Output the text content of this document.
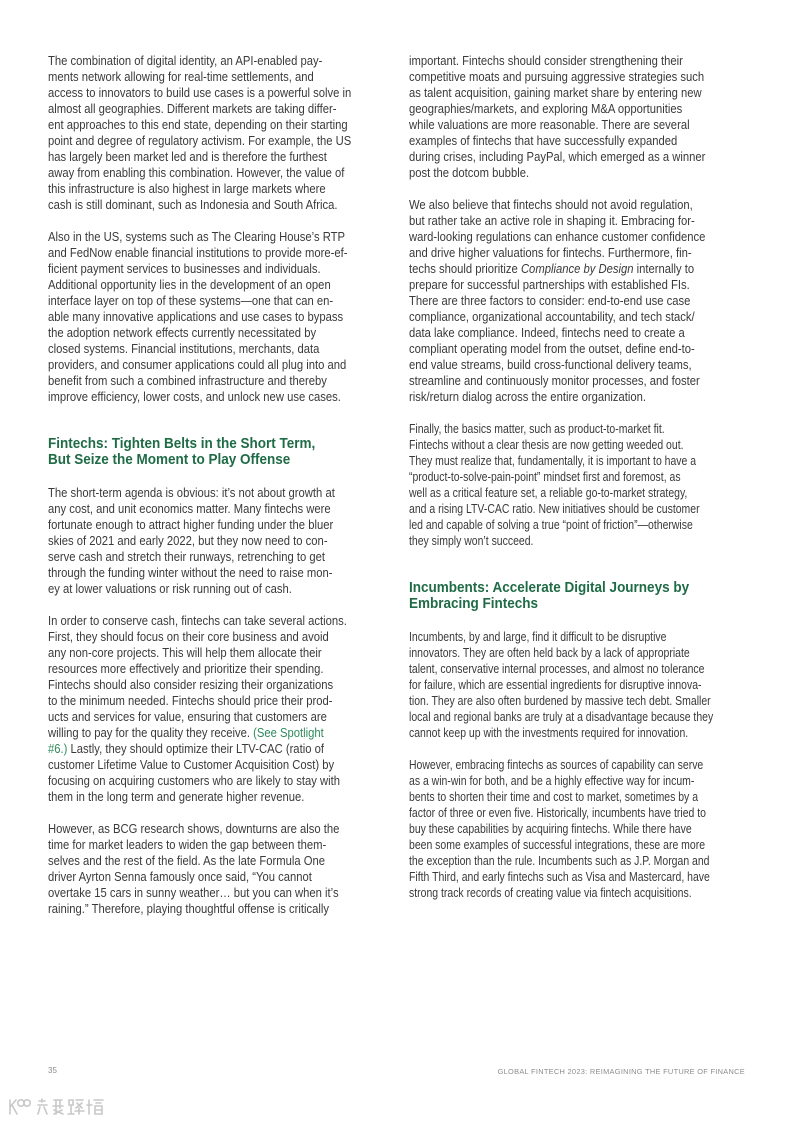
The combination of digital identity, an API-enabled pay-
ments network allowing for real-time settlements, and
access to innovators to build use cases is a powerful solve in
almost all geographies. Different markets are taking differ-
ent approaches to this end state, depending on their starting
point and degree of regulatory activism. For example, the US
has largely been market led and is therefore the furthest
away from enabling this combination. However, the value of
this infrastructure is also highest in large markets where
cash is still dominant, such as Indonesia and South Africa.

Also in the US, systems such as The Clearing House’s RTP
and FedNow enable financial institutions to provide more-ef-
ficient payment services to businesses and individuals.
Additional opportunity lies in the development of an open
interface layer on top of these systems—one that can en-
able many innovative applications and use cases to bypass
the adoption network effects currently necessitated by
closed systems. Financial institutions, merchants, data
providers, and consumer applications could all plug into and
benefit from such a combined infrastructure and thereby
improve efficiency, lower costs, and unlock new use cases.

Fintechs: Tighten Belts in the Short Term,
But Seize the Moment to Play Offense

The short-term agenda is obvious: it’s not about growth at
any cost, and unit economics matter. Many fintechs were
fortunate enough to attract higher funding under the bluer
skies of 2021 and early 2022, but they now need to con-
serve cash and stretch their runways, retrenching to get
through the funding winter without the need to raise mon-
ey at lower valuations or risk running out of cash.

In order to conserve cash, fintechs can take several actions.
First, they should focus on their core business and avoid
any non-core projects. This will help them allocate their
resources more effectively and prioritize their spending.
Fintechs should also consider resizing their organizations
to the minimum needed. Fintechs should price their prod-
ucts and services for value, ensuring that customers are
willing to pay for the quality they receive. (See Spotlight
#6.) Lastly, they should optimize their LTV-CAC (ratio of
customer Lifetime Value to Customer Acquisition Cost) by
focusing on acquiring customers who are likely to stay with
them in the long term and generate higher revenue.

However, as BCG research shows, downturns are also the
time for market leaders to widen the gap between them-
selves and the rest of the field. As the late Formula One
driver Ayrton Senna famously once said, “You cannot
overtake 15 cars in sunny weather… but you can when it’s
raining.” Therefore, playing thoughtful offense is critically

important. Fintechs should consider strengthening their
competitive moats and pursuing aggressive strategies such
as talent acquisition, gaining market share by entering new
geographies/markets, and exploring M&A opportunities
while valuations are more reasonable. There are several
examples of fintechs that have successfully expanded
during crises, including PayPal, which emerged as a winner
post the dotcom bubble.

We also believe that fintechs should not avoid regulation,
but rather take an active role in shaping it. Embracing for-
ward-looking regulations can enhance customer confidence
and drive higher valuations for fintechs. Furthermore, fin-
techs should prioritize Compliance by Design internally to
prepare for successful partnerships with established FIs.
There are three factors to consider: end-to-end use case
compliance, organizational accountability, and tech stack/
data lake compliance. Indeed, fintechs need to create a
compliant operating model from the outset, define end-to-
end value streams, build cross-functional delivery teams,
streamline and continuously monitor processes, and foster
risk/return dialog across the entire organization.

Finally, the basics matter, such as product-to-market fit.
Fintechs without a clear thesis are now getting weeded out.
They must realize that, fundamentally, it is important to have a
“product-to-solve-pain-point” mindset first and foremost, as
well as a critical feature set, a reliable go-to-market strategy,
and a rising LTV-CAC ratio. New initiatives should be customer
led and capable of solving a true “point of friction”—otherwise
they simply won’t succeed.

Incumbents: Accelerate Digital Journeys by
Embracing Fintechs

Incumbents, by and large, find it difficult to be disruptive
innovators. They are often held back by a lack of appropriate
talent, conservative internal processes, and almost no tolerance
for failure, which are essential ingredients for disruptive innova-
tion. They are also often burdened by massive tech debt. Smaller
local and regional banks are truly at a disadvantage because they
cannot keep up with the investments required for innovation.

However, embracing fintechs as sources of capability can serve
as a win-win for both, and be a highly effective way for incum-
bents to shorten their time and cost to market, sometimes by a
factor of three or even five. Historically, incumbents have tried to
buy these capabilities by acquiring fintechs. While there have
been some examples of successful integrations, these are more
the exception than the rule. Incumbents such as J.P. Morgan and
Fifth Third, and early fintechs such as Visa and Mastercard, have
strong track records of creating value via fintech acquisitions.

35	GLOBAL FINTECH 2023: REIMAGINING THE FUTURE OF FINANCE
